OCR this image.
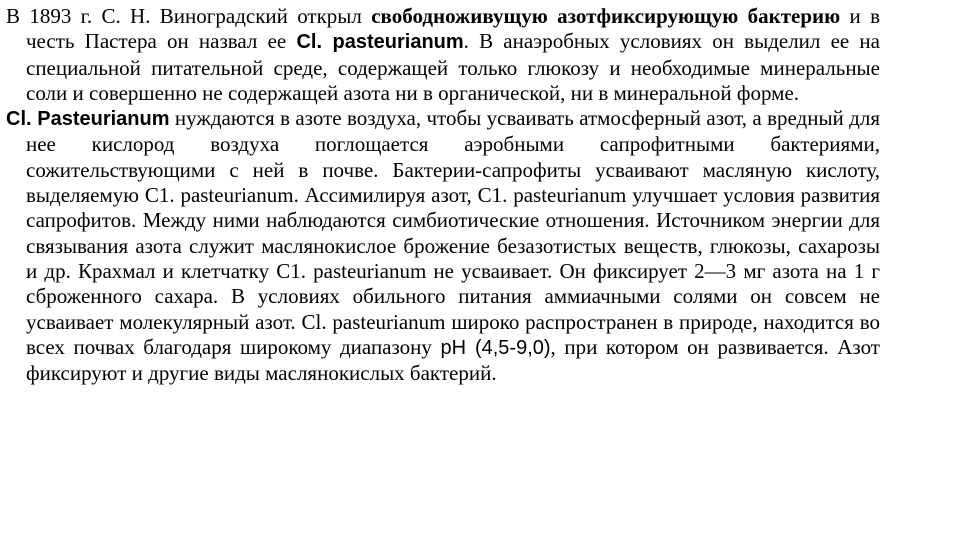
В 1893 г. С. Н. Виноградский открыл свободноживущую азотфиксирующую бактерию и в честь Пастера он назвал ее Cl. pasteurianum. В анаэробных условиях он выделил ее на специальной питательной среде, содержащей только глюкозу и необходимые минеральные соли и совершенно не содержащей азота ни в органической, ни в минеральной форме.

Cl. Pasteurianum нуждаются в азоте воздуха, чтобы усваивать атмосферный азот, а вредный для нее кислород воздуха поглощается аэробными сапрофитными бактериями, сожительствующими с ней в почве. Бактерии-сапрофиты усваивают масляную кислоту, выделяемую С1. pasteurianum. Ассимилируя азот, С1. pasteurianum улучшает условия развития сапрофитов. Между ними наблюдаются симбиотические отношения. Источником энергии для связывания азота служит маслянокислое брожение безазотистых веществ, глюкозы, сахарозы и др. Крахмал и клетчатку С1. pasteurianum не усваивает. Он фиксирует 2—3 мг азота на 1 г сброженного сахара. В условиях обильного питания аммиачными солями он совсем не усваивает молекулярный азот. Cl. pasteurianum широко распространен в природе, находится во всех почвах благодаря широкому диапазону pH (4,5-9,0), при котором он развивается. Азот фиксируют и другие виды маслянокислых бактерий.
